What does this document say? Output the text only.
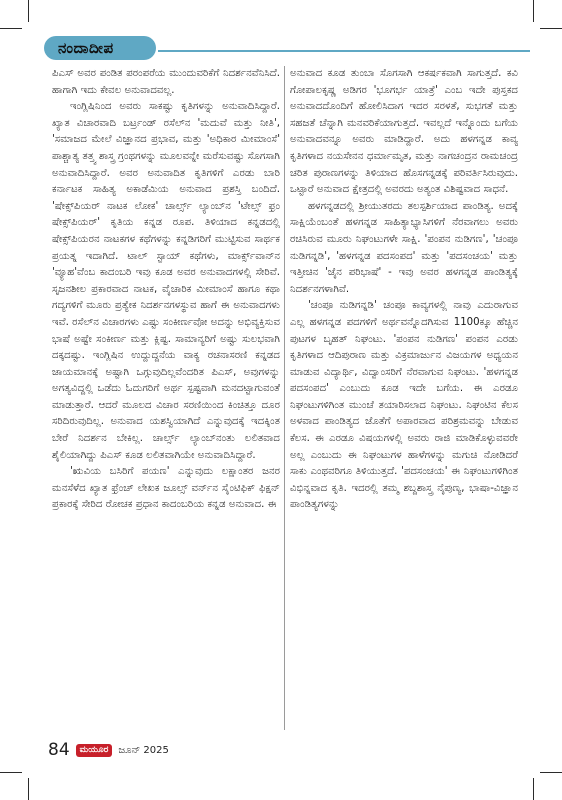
ನಂದಾದೀಪ

ಪಿಎಸ್ ಅವರ ಪಂಡಿತ ಪರಂಪರೆಯ ಮುಂದುವರಿಕೆಗೆ ನಿದರ್ಶನವೆನಿಸಿದೆ. ಹಾಗಾಗಿ ಇದು ಕೇವಲ ಅನುವಾದವಲ್ಲ.

ಇಂಗ್ಲಿಷಿನಿಂದ ಅವರು ಸಾಕಷ್ಟು ಕೃತಿಗಳನ್ನು ಅನುವಾದಿಸಿದ್ದಾರೆ. ಖ್ಯಾತ ವಿಚಾರವಾದಿ ಬರ್ಟ್ರಂಡ್ ರಸೆಲ್‌ನ 'ಮದುವೆ ಮತ್ತು ನೀತಿ', 'ಸಮಾಜದ ಮೇಲೆ ವಿಜ್ಞಾನದ ಪ್ರಭಾವ, ಮತ್ತು 'ಅಧಿಕಾರ ಮೀಮಾಂಸೆ' ಪಾಶ್ಚಾತ್ಯ ತತ್ತ್ವ ಶಾಸ್ತ್ರ ಗ್ರಂಥಗಳನ್ನು ಮೂಲವನ್ನೇ ಮರೆಸುವಷ್ಟು ಸೊಗಸಾಗಿ ಅನುವಾದಿಸಿದ್ದಾರೆ. ಅವರ ಅನುವಾದಿತ ಕೃತಿಗಳಿಗೆ ಎರಡು ಬಾರಿ ಕರ್ನಾಟಕ ಸಾಹಿತ್ಯ ಅಕಾಡೆಮಿಯ ಅನುವಾದ ಪ್ರಶಸ್ತಿ ಬಂದಿದೆ. 'ಷೇಕ್ಸ್‌ಪಿಯರ್ ನಾಟಕ ಲೋಕ' ಚಾರ್ಲ್ಸ್ ಲ್ಯಾಂಬ್‌ನ 'ಟೇಲ್ಸ್ ಫ್ರಂ ಷೇಕ್ಸ್‌ಪಿಯರ್' ಕೃತಿಯ ಕನ್ನಡ ರೂಪ. ತಿಳಿಯಾದ ಕನ್ನಡದಲ್ಲಿ ಷೇಕ್ಸ್‌ಪಿಯರನ ನಾಟಕಗಳ ಕಥೆಗಳನ್ನು ಕನ್ನಡಿಗರಿಗೆ ಮುಟ್ಟಿಸುವ ಸಾರ್ಥಕ ಪ್ರಯತ್ನ ಇದಾಗಿದೆ. ಟಾಲ್ ಸ್ಟಾಯ್ ಕಥೆಗಳು, ಮಾರ್ಕ್ಸ್‌ವಾನ್‌ನ 'ವ್ಯೂಹ'ವೆಂಬ ಕಾದಂಬರಿ ಇವು ಕೂಡ ಅವರ ಅನುವಾದಗಳಲ್ಲಿ ಸೇರಿವೆ. ಸೃಜನಶೀಲ ಪ್ರಕಾರವಾದ ನಾಟಕ, ವೈಚಾರಿಕ ಮೀಮಾಂಸೆ ಹಾಗೂ ಕಥಾ ಗದ್ಯಗಳಿಗೆ ಮೂರು ಪ್ರತ್ಯೇಕ ನಿದರ್ಶನಗಳಸ್ಥುವ ಹಾಗೆ ಈ ಅನುವಾದಗಳು ಇವೆ. ರಸೆಲ್‌ನ ವಿಚಾರಗಳು ಎಷ್ಟು ಸಂಕೀರ್ಣವೋ ಅದನ್ನು ಅಭಿವ್ಯಕ್ತಿಸುವ ಭಾಷೆ ಅಷ್ಟೇ ಸಂಕೀರ್ಣ ಮತ್ತು ಕ್ಲಿಷ್ಟ. ಸಾಮಾನ್ಯರಿಗೆ ಅಷ್ಟು ಸುಲಭವಾಗಿ ದಕ್ಕದಷ್ಟು. ಇಂಗ್ಲಿಷಿನ ಉದ್ದುದ್ದನೆಯ ವಾಕ್ಯ ರಚನಾಸರಣಿ ಕನ್ನಡದ ಜಾಯಮಾನಕ್ಕೆ ಅಷ್ಟಾಗಿ ಒಗ್ಗುವುದಿಲ್ಲವೆಂದರಿತ ಪಿಎಸ್, ಅವುಗಳನ್ನು ಅಗತ್ಯವಿದ್ದಲ್ಲಿ ಒಡೆದು ಓದುಗರಿಗೆ ಅರ್ಥ ಸ್ಪಷ್ಟವಾಗಿ ಮನದಟ್ಟಾಗುವಂತೆ ಮಾಡುತ್ತಾರೆ. ಆದರೆ ಮೂಲದ ವಿಚಾರ ಸರಣಿಯಿಂದ ಕಿಂಚಿತ್ತೂ ದೂರ ಸರಿದಿರುವುದಿಲ್ಲ. ಅನುವಾದ ಯಶಸ್ವಿಯಾಗಿದೆ ಎನ್ನುವುದಕ್ಕೆ ಇದಕ್ಕಿಂತ ಬೇರೆ ನಿದರ್ಶನ ಬೇಕಿಲ್ಲ. ಚಾರ್ಲ್ಸ್ ಲ್ಯಾಂಬ್‌ನಂತು ಲಲಿತವಾದ ಶೈಲಿಯಾಗಿದ್ದು ಪಿಎಸ್ ಕೂಡ ಲಲಿತವಾಗಿಯೇ ಅನುವಾದಿಸಿದ್ದಾರೆ.

'ಋವಿಯ ಬಸಿರಿಗೆ ಪಯಣ' ಎನ್ನುವುದು ಲಕ್ಷಾಂತರ ಜನರ ಮನಸೆಳೆದ ಖ್ಯಾತ ಫ್ರೆಂಚ್ ಲೇಖಕ ಜೂಲ್ಸ್ ವರ್ನ್‌ನ ಸೈಂಟಿಫಿಕ್ ಫಿಕ್ಷನ್ ಪ್ರಕಾರಕ್ಕೆ ಸೇರಿದ ರೋಚಕ ಪ್ರಧಾನ ಕಾದಂಬರಿಯ ಕನ್ನಡ ಅನುವಾದ. ಈ

ಅನುವಾದ ಕೂಡ ತುಂಬಾ ಸೊಗಸಾಗಿ ಆಕರ್ಷಕವಾಗಿ ಸಾಗುತ್ತದೆ. ಕವಿ ಗೋಪಾಲಕೃಷ್ಣ ಅಡಿಗರ 'ಭೂಗರ್ಭ ಯಾತ್ರೆ' ಎಂಬ ಇದೇ ಪುಸ್ತಕದ ಅನುವಾದದೊಂದಿಗೆ ಹೋಲಿಸಿದಾಗ ಇದರ ಸರಳತೆ, ಸುಭಗತೆ ಮತ್ತು ಸಹಜತೆ ಚೆನ್ನಾಗಿ ಮನವರಿಕೆಯಾಗುತ್ತದೆ. ಇವಲ್ಲದೆ ಇನ್ನೊಂದು ಬಗೆಯ ಅನುವಾದವನ್ನೂ ಅವರು ಮಾಡಿದ್ದಾರೆ. ಅದು ಹಳಗನ್ನಡ ಕಾವ್ಯ ಕೃತಿಗಳಾದ ನಯಸೇನನ ಧರ್ಮಾಮೃತ, ಮತ್ತು ನಾಗಚಂದ್ರನ ರಾಮಚಂದ್ರ ಚರಿತ ಪುರಾಣಗಳನ್ನು ತಿಳಿಯಾದ ಹೊಸಗನ್ನಡಕ್ಕೆ ಪರಿವರ್ತಿಸಿರುವುದು. ಒಟ್ಟಾರೆ ಅನುವಾದ ಕ್ಷೇತ್ರದಲ್ಲಿ ಅವರದು ಅತ್ಯಂತ ವಿಶಿಷ್ಟವಾದ ಸಾಧನೆ.

ಹಳಗನ್ನಡದಲ್ಲಿ ಶ್ರೀಯುತರದು ತಲಸ್ಪರ್ಶಿಯಾದ ಪಾಂಡಿತ್ಯ. ಅದಕ್ಕೆ ಸಾಕ್ಷಿಯೆಂಬಂತೆ ಹಳಗನ್ನಡ ಸಾಹಿತ್ಯಾಭ್ಯಾಸಿಗಳಿಗೆ ನೆರವಾಗಲು ಅವರು ರಚಿಸಿರುವ ಮೂರು ನಿಘಂಟುಗಳೇ ಸಾಕ್ಷಿ. 'ಪಂಪನ ನುಡಿಗಣ', 'ಚಂಪೂ ನುಡಿಗನ್ನಡಿ', 'ಹಳಗನ್ನಡ ಪದಸಂಪದ' ಮತ್ತು 'ಪದಸಂಚಯ' ಮತ್ತು ಇತ್ತೀಚಿನ 'ಜೈನ ಪರಿಭಾಷೆ' - ಇವು ಅವರ ಹಳಗನ್ನಡ ಪಾಂಡಿತ್ಯಕ್ಕೆ ನಿದರ್ಶನಗಳಾಗಿವೆ.

'ಚಂಪೂ ನುಡಿಗನ್ನಡಿ' ಚಂಪೂ ಕಾವ್ಯಗಳಲ್ಲಿ ನಾವು ಎದುರಾಗುವ ಎಲ್ಲ ಹಳಗನ್ನಡ ಪದಗಳಿಗೆ ಅರ್ಥವನ್ನೊದಗಿಸುವ 1100ಕ್ಕೂ ಹೆಚ್ಚಿನ ಪುಟಗಳ ಬೃಹತ್ ನಿಘಂಟು. 'ಪಂಪನ ನುಡಿಗಣ' ಪಂಪನ ಎರಡು ಕೃತಿಗಳಾದ ಆದಿಪುರಾಣ ಮತ್ತು ವಿಕ್ರಮಾರ್ಜುನ ವಿಜಯಗಳ ಅಧ್ಯಯನ ಮಾಡುವ ವಿದ್ಯಾರ್ಥಿ, ವಿದ್ವಾಂಸರಿಗೆ ನೆರವಾಗುವ ನಿಘಂಟು. 'ಹಳಗನ್ನಡ ಪದಸಂಪದ' ಎಂಬುದು ಕೂಡ ಇದೇ ಬಗೆಯ. ಈ ಎರಡೂ ನಿಘಂಟುಗಳಿಗಿಂತ ಮುಂಚೆ ತಯಾರಿಸಲಾದ ನಿಘಂಟು. ನಿಘಂಟಿನ ಕೆಲಸ ಅಳವಾದ ಪಾಂಡಿತ್ಯದ ಜೊತೆಗೆ ಅಪಾರವಾದ ಪರಿಶ್ರಮವನ್ನು ಬೇಡುವ ಕೆಲಸ. ಈ ಎರಡೂ ವಿಷಯಗಳಲ್ಲಿ ಅವರು ರಾಜಿ ಮಾಡಿಕೊಳ್ಳುವವರೇ ಅಲ್ಲ ಎಂಬುದು ಈ ನಿಘಂಟುಗಳ ಹಾಳೆಗಳನ್ನು ಮಗುಚಿ ನೋಡಿದರೆ ಸಾಕು ಎಂಥವರಿಗೂ ತಿಳಿಯುತ್ತದೆ. 'ಪದಸಂಚಯ' ಈ ನಿಘಂಟುಗಳಿಗಿಂತ ವಿಭಿನ್ನವಾದ ಕೃತಿ. ಇದರಲ್ಲಿ ತಮ್ಮ ಶಬ್ದಶಾಸ್ತ್ರ ನೈಪುಣ್ಯ, ಭಾಷಾ-ವಿಜ್ಞಾನ ಪಾಂಡಿತ್ಯಗಳನ್ನು

84	ಮಯೂರ	ಜೂನ್ 2025
